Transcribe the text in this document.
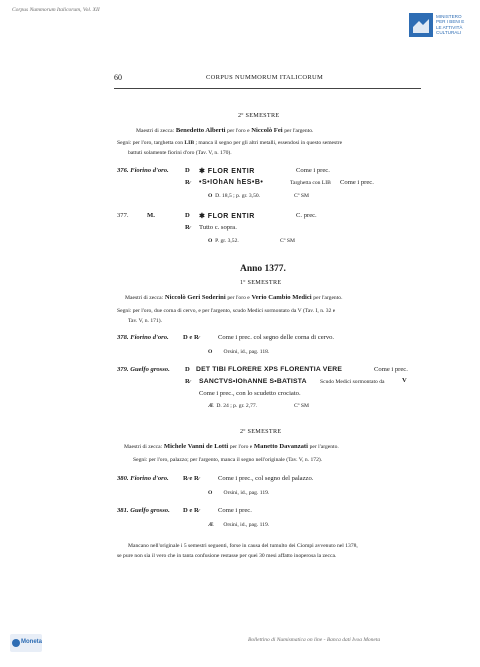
Corpus Nummorum Italicorum, Vol. XII
MINISTERO
PER I BENI E
LE ATTIVITÀ
CULTURALI
60	CORPUS NUMMORUM ITALICORUM
2º SEMESTRE
Maestri di zecca: Benedetto Alberti per l'oro e Niccolò Fei per l'argento.
Segni: per l'oro, targhetta con LIB ; manca il segno per gli altri metalli, essendosi in questo semestre
battuti solamente fiorini d'oro (Tav. V, n. 170).
376. Fiorino d'oro. D ✱ FLOR ENTIR	Come i prec.
R̷ •S•IOhAN hES•B•	Targhetta con LIB Come i prec.
O D. 18,5 ; p. gr. 3,50.	Cº SM
377.	M.	D ✱ FLOR ENTIR	C. prec.
R̷ Tutto c. sopra.
O P. gr. 3,52.	Cº SM
Anno 1377.
1º SEMESTRE
Maestri di zecca: Niccolò Geri Soderini per l'oro e Verio Cambio Medici per l'argento.
Segni: per l'oro, due corna di cervo, e per l'argento, scudo Medici sormontato da V (Tav. I, n. 32 e
Tav. V, n. 171).
378. Fiorino d'oro. D e R̷	Come i prec. col segno delle corna di cervo.
O Orsini, id., pag. 118.
379. Guelfo grosso. D DET TIBI FLORERE XPS FLORENTIA VERE	Come i prec.
R̷ SANCTVS•IOhANNE S•BATISTA Scudo Medici sormontato da	V
Come i prec., con lo scudetto crociato.
Æ D. 24 ; p. gr. 2,77.	Cº SM
2º SEMESTRE
Maestri di zecca: Michele Vanni de Lotti per l'oro e Manetto Davanzati per l'argento.
Segni: per l'oro, palazzo; per l'argento, manca il segno nell'originale (Tav. V, n. 172).
380. Fiorino d'oro. R̷ e R̷	Come i prec., col segno del palazzo.
O Orsini, id., pag. 119.
381. Guelfo grosso. D e R̷	Come i prec.
Æ Orsini, id., pag. 119.
Mancano nell'originale i 5 semestri seguenti, forse in causa del tumulto dei Ciompi avvenuto nel 1378,
se pure non sia il vero che in tanta confusione restasse per quei 30 mesi affatto inoperosa la zecca.
Moneta	Bollettino di Numismatica on line - Banca dati Ivoa Moneta
